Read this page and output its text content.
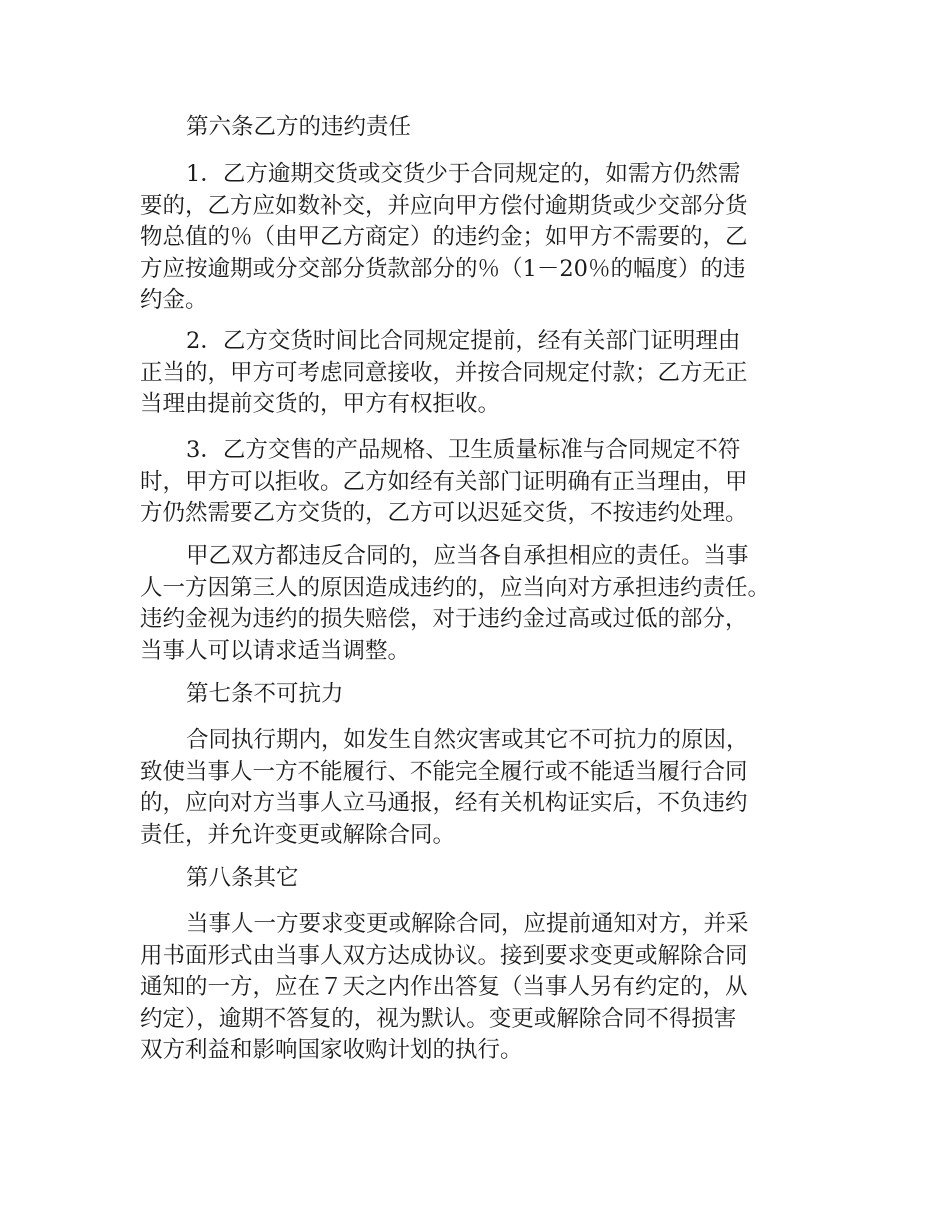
第六条乙方的违约责任
1．乙方逾期交货或交货少于合同规定的，如需方仍然需
要的，乙方应如数补交，并应向甲方偿付逾期货或少交部分货
物总值的％（由甲乙方商定）的违约金；如甲方不需要的，乙
方应按逾期或分交部分货款部分的％（1－20％的幅度）的违
约金。
2．乙方交货时间比合同规定提前，经有关部门证明理由
正当的，甲方可考虑同意接收，并按合同规定付款；乙方无正
当理由提前交货的，甲方有权拒收。
3．乙方交售的产品规格、卫生质量标准与合同规定不符
时，甲方可以拒收。乙方如经有关部门证明确有正当理由，甲
方仍然需要乙方交货的，乙方可以迟延交货，不按违约处理。
甲乙双方都违反合同的，应当各自承担相应的责任。当事
人一方因第三人的原因造成违约的，应当向对方承担违约责任。
违约金视为违约的损失赔偿，对于违约金过高或过低的部分，
当事人可以请求适当调整。
第七条不可抗力
合同执行期内，如发生自然灾害或其它不可抗力的原因，
致使当事人一方不能履行、不能完全履行或不能适当履行合同
的，应向对方当事人立马通报，经有关机构证实后，不负违约
责任，并允许变更或解除合同。
第八条其它
当事人一方要求变更或解除合同，应提前通知对方，并采
用书面形式由当事人双方达成协议。接到要求变更或解除合同
通知的一方，应在７天之内作出答复（当事人另有约定的，从
约定），逾期不答复的，视为默认。变更或解除合同不得损害
双方利益和影响国家收购计划的执行。
